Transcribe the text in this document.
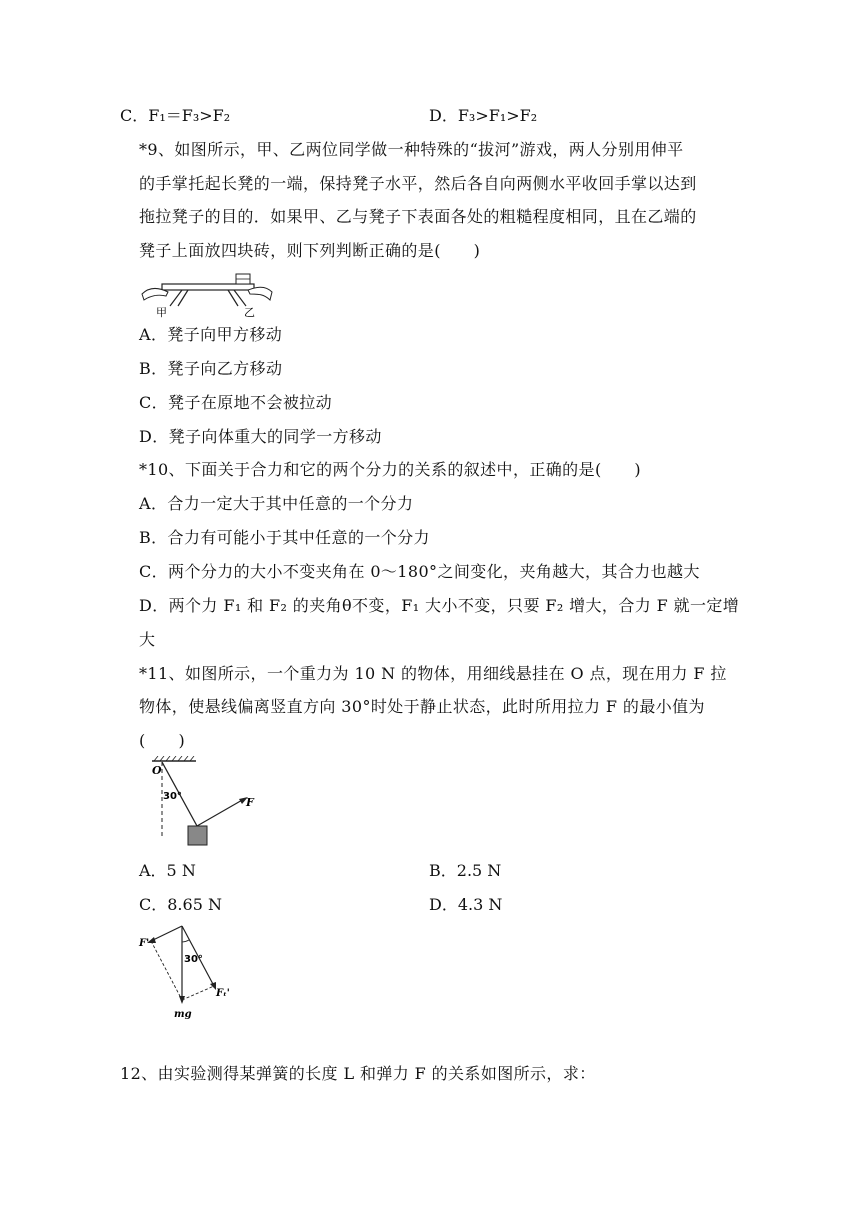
C．F₁＝F₃>F₂	D．F₃>F₁>F₂
*9、如图所示，甲、乙两位同学做一种特殊的“拔河”游戏，两人分别用伸平
的手掌托起长凳的一端，保持凳子水平，然后各自向两侧水平收回手掌以达到
拖拉凳子的目的．如果甲、乙与凳子下表面各处的粗糙程度相同，且在乙端的
凳子上面放四块砖，则下列判断正确的是(　　)
甲	乙
A．凳子向甲方移动
B．凳子向乙方移动
C．凳子在原地不会被拉动
D．凳子向体重大的同学一方移动
*10、下面关于合力和它的两个分力的关系的叙述中，正确的是(　　)
A．合力一定大于其中任意的一个分力
B．合力有可能小于其中任意的一个分力
C．两个分力的大小不变夹角在 0～180°之间变化，夹角越大，其合力也越大
D．两个力 F₁ 和 F₂ 的夹角θ不变，F₁ 大小不变，只要 F₂ 增大，合力 F 就一定增
大
*11、如图所示，一个重力为 10 N 的物体，用细线悬挂在 O 点，现在用力 F 拉
物体，使悬线偏离竖直方向 30°时处于静止状态，此时所用拉力 F 的最小值为
(　　)
O
30°	F
A．5 N	B．2.5 N
C．8.65 N	D．4.3 N
F'
30°
Fₜ'
mg
12、由实验测得某弹簧的长度 L 和弹力 F 的关系如图所示，求：
